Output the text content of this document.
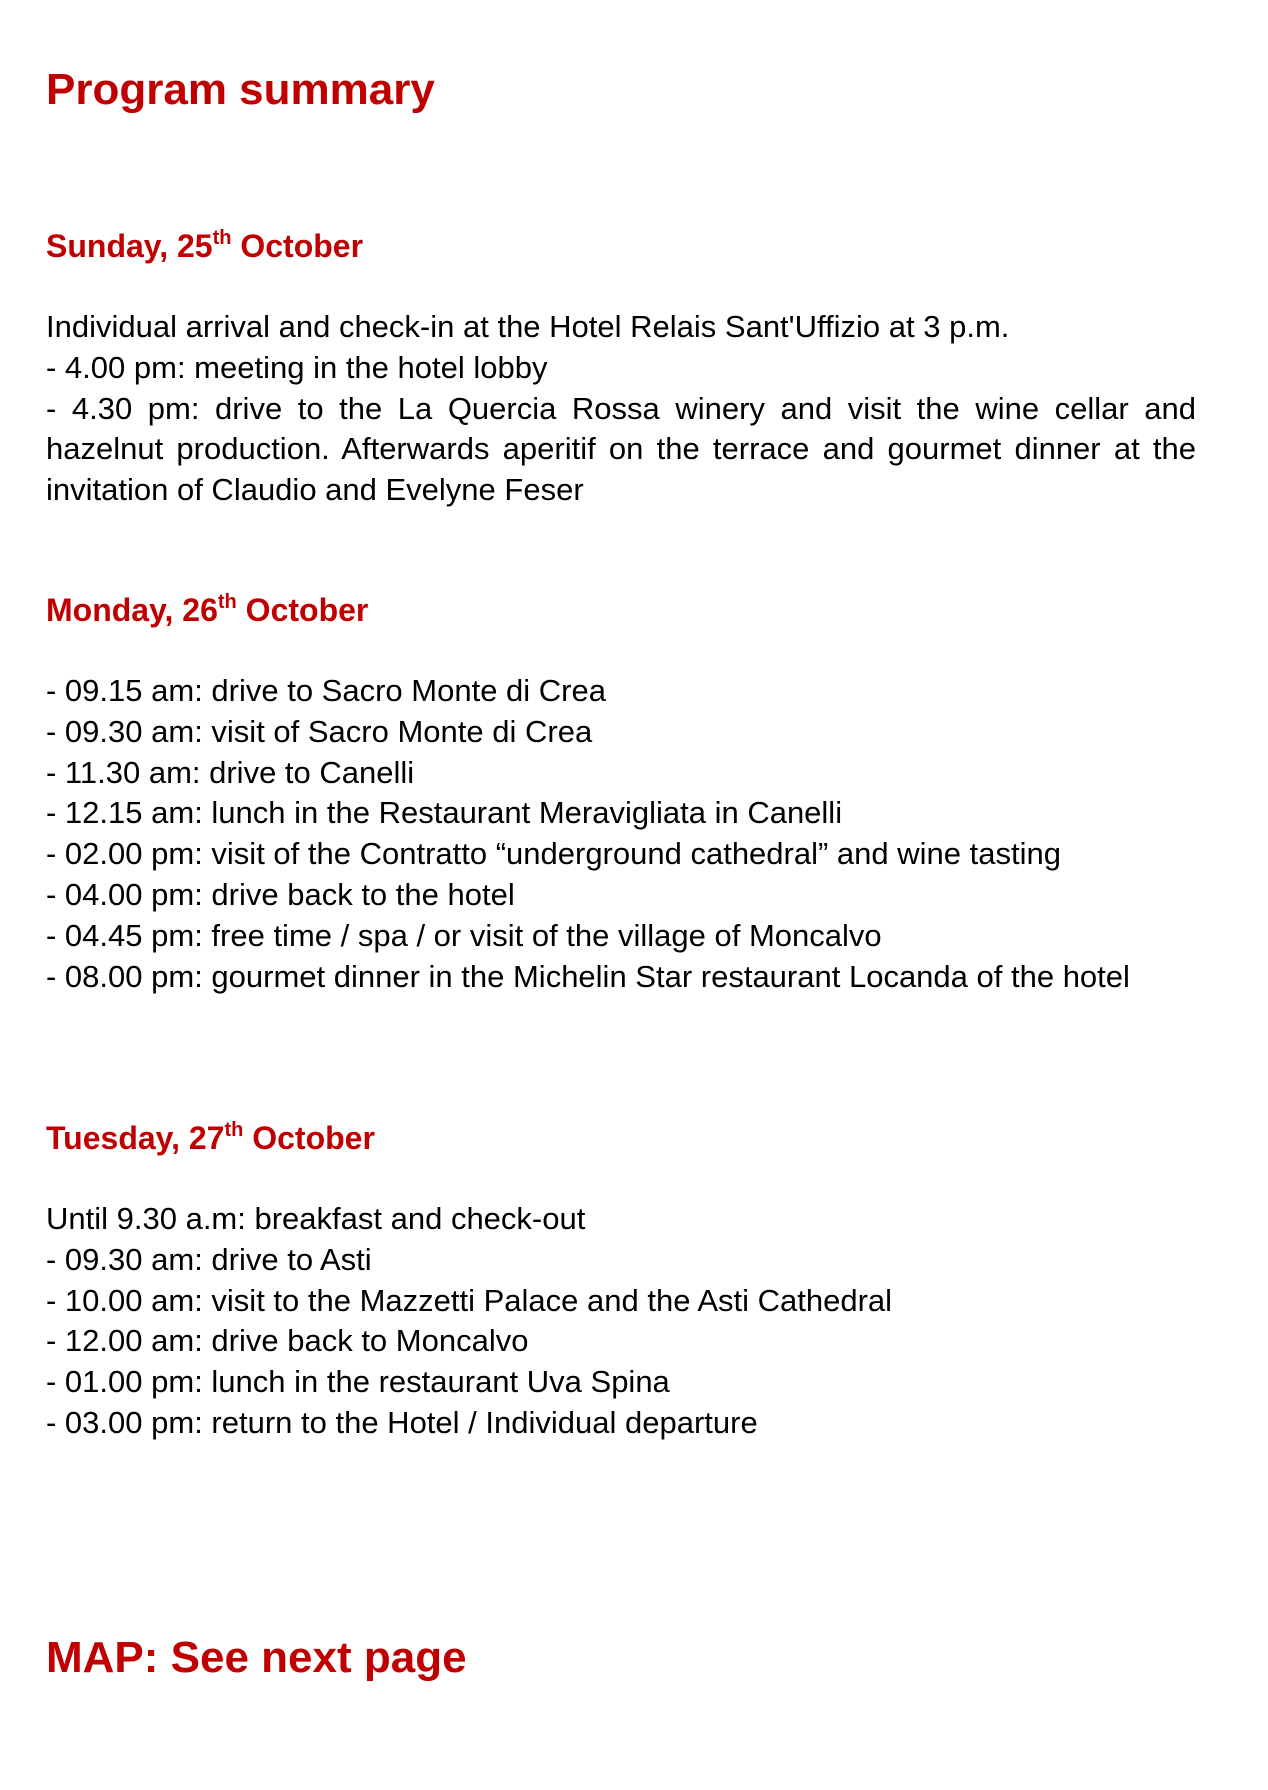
Program summary
Sunday, 25th October

Individual arrival and check-in at the Hotel Relais Sant'Uffizio at 3 p.m.

- 4.00 pm: meeting in the hotel lobby

- 4.30 pm: drive to the La Quercia Rossa winery and visit the wine cellar and hazelnut production. Afterwards aperitif on the terrace and gourmet dinner at the invitation of Claudio and Evelyne Feser

Monday, 26th October

- 09.15 am: drive to Sacro Monte di Crea

- 09.30 am: visit of Sacro Monte di Crea

- 11.30 am: drive to Canelli

- 12.15 am: lunch in the Restaurant Meravigliata in Canelli

- 02.00 pm: visit of the Contratto “underground cathedral” and wine tasting

- 04.00 pm: drive back to the hotel

- 04.45 pm: free time / spa / or visit of the village of Moncalvo

- 08.00 pm: gourmet dinner in the Michelin Star restaurant Locanda of the hotel

Tuesday, 27th October

Until 9.30 a.m: breakfast and check-out

- 09.30 am: drive to Asti

- 10.00 am: visit to the Mazzetti Palace and the Asti Cathedral

- 12.00 am: drive back to Moncalvo

- 01.00 pm: lunch in the restaurant Uva Spina

- 03.00 pm: return to the Hotel / Individual departure

MAP: See next page
